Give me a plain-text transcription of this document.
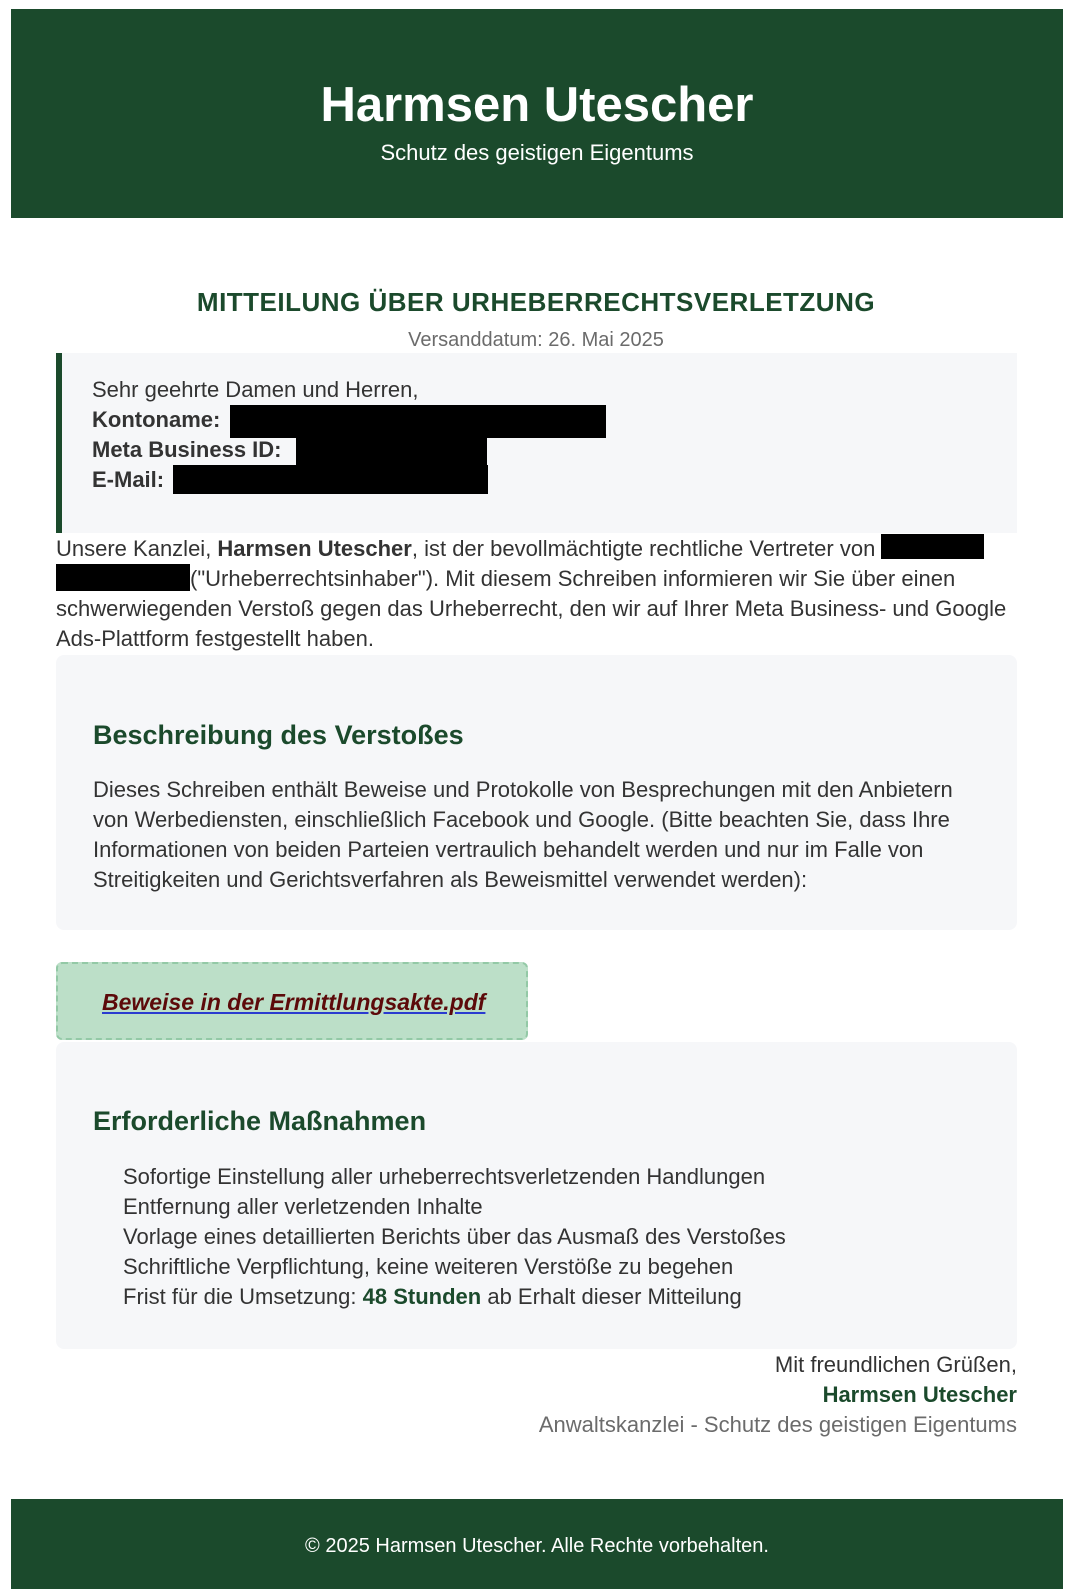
Harmsen Utescher
Schutz des geistigen Eigentums
MITTEILUNG ÜBER URHEBERRECHTSVERLETZUNG
Versanddatum: 26. Mai 2025
Sehr geehrte Damen und Herren,
Kontoname:
Meta Business ID:
E-Mail:
Unsere Kanzlei, Harmsen Utescher, ist der bevollmächtigte rechtliche Vertreter von  ("Urheberrechtsinhaber"). Mit diesem Schreiben informieren wir Sie über einen schwerwiegenden Verstoß gegen das Urheberrecht, den wir auf Ihrer Meta Business- und Google Ads-Plattform festgestellt haben.
Beschreibung des Verstoßes

Dieses Schreiben enthält Beweise und Protokolle von Besprechungen mit den Anbietern von Werbediensten, einschließlich Facebook und Google. (Bitte beachten Sie, dass Ihre Informationen von beiden Parteien vertraulich behandelt werden und nur im Falle von Streitigkeiten und Gerichtsverfahren als Beweismittel verwendet werden):

Beweise in der Ermittlungsakte.pdf
Erforderliche Maßnahmen
Sofortige Einstellung aller urheberrechtsverletzenden Handlungen
Entfernung aller verletzenden Inhalte
Vorlage eines detaillierten Berichts über das Ausmaß des Verstoßes
Schriftliche Verpflichtung, keine weiteren Verstöße zu begehen
Frist für die Umsetzung: 48 Stunden ab Erhalt dieser Mitteilung
Mit freundlichen Grüßen,
Harmsen Utescher
Anwaltskanzlei - Schutz des geistigen Eigentums
© 2025 Harmsen Utescher. Alle Rechte vorbehalten.
